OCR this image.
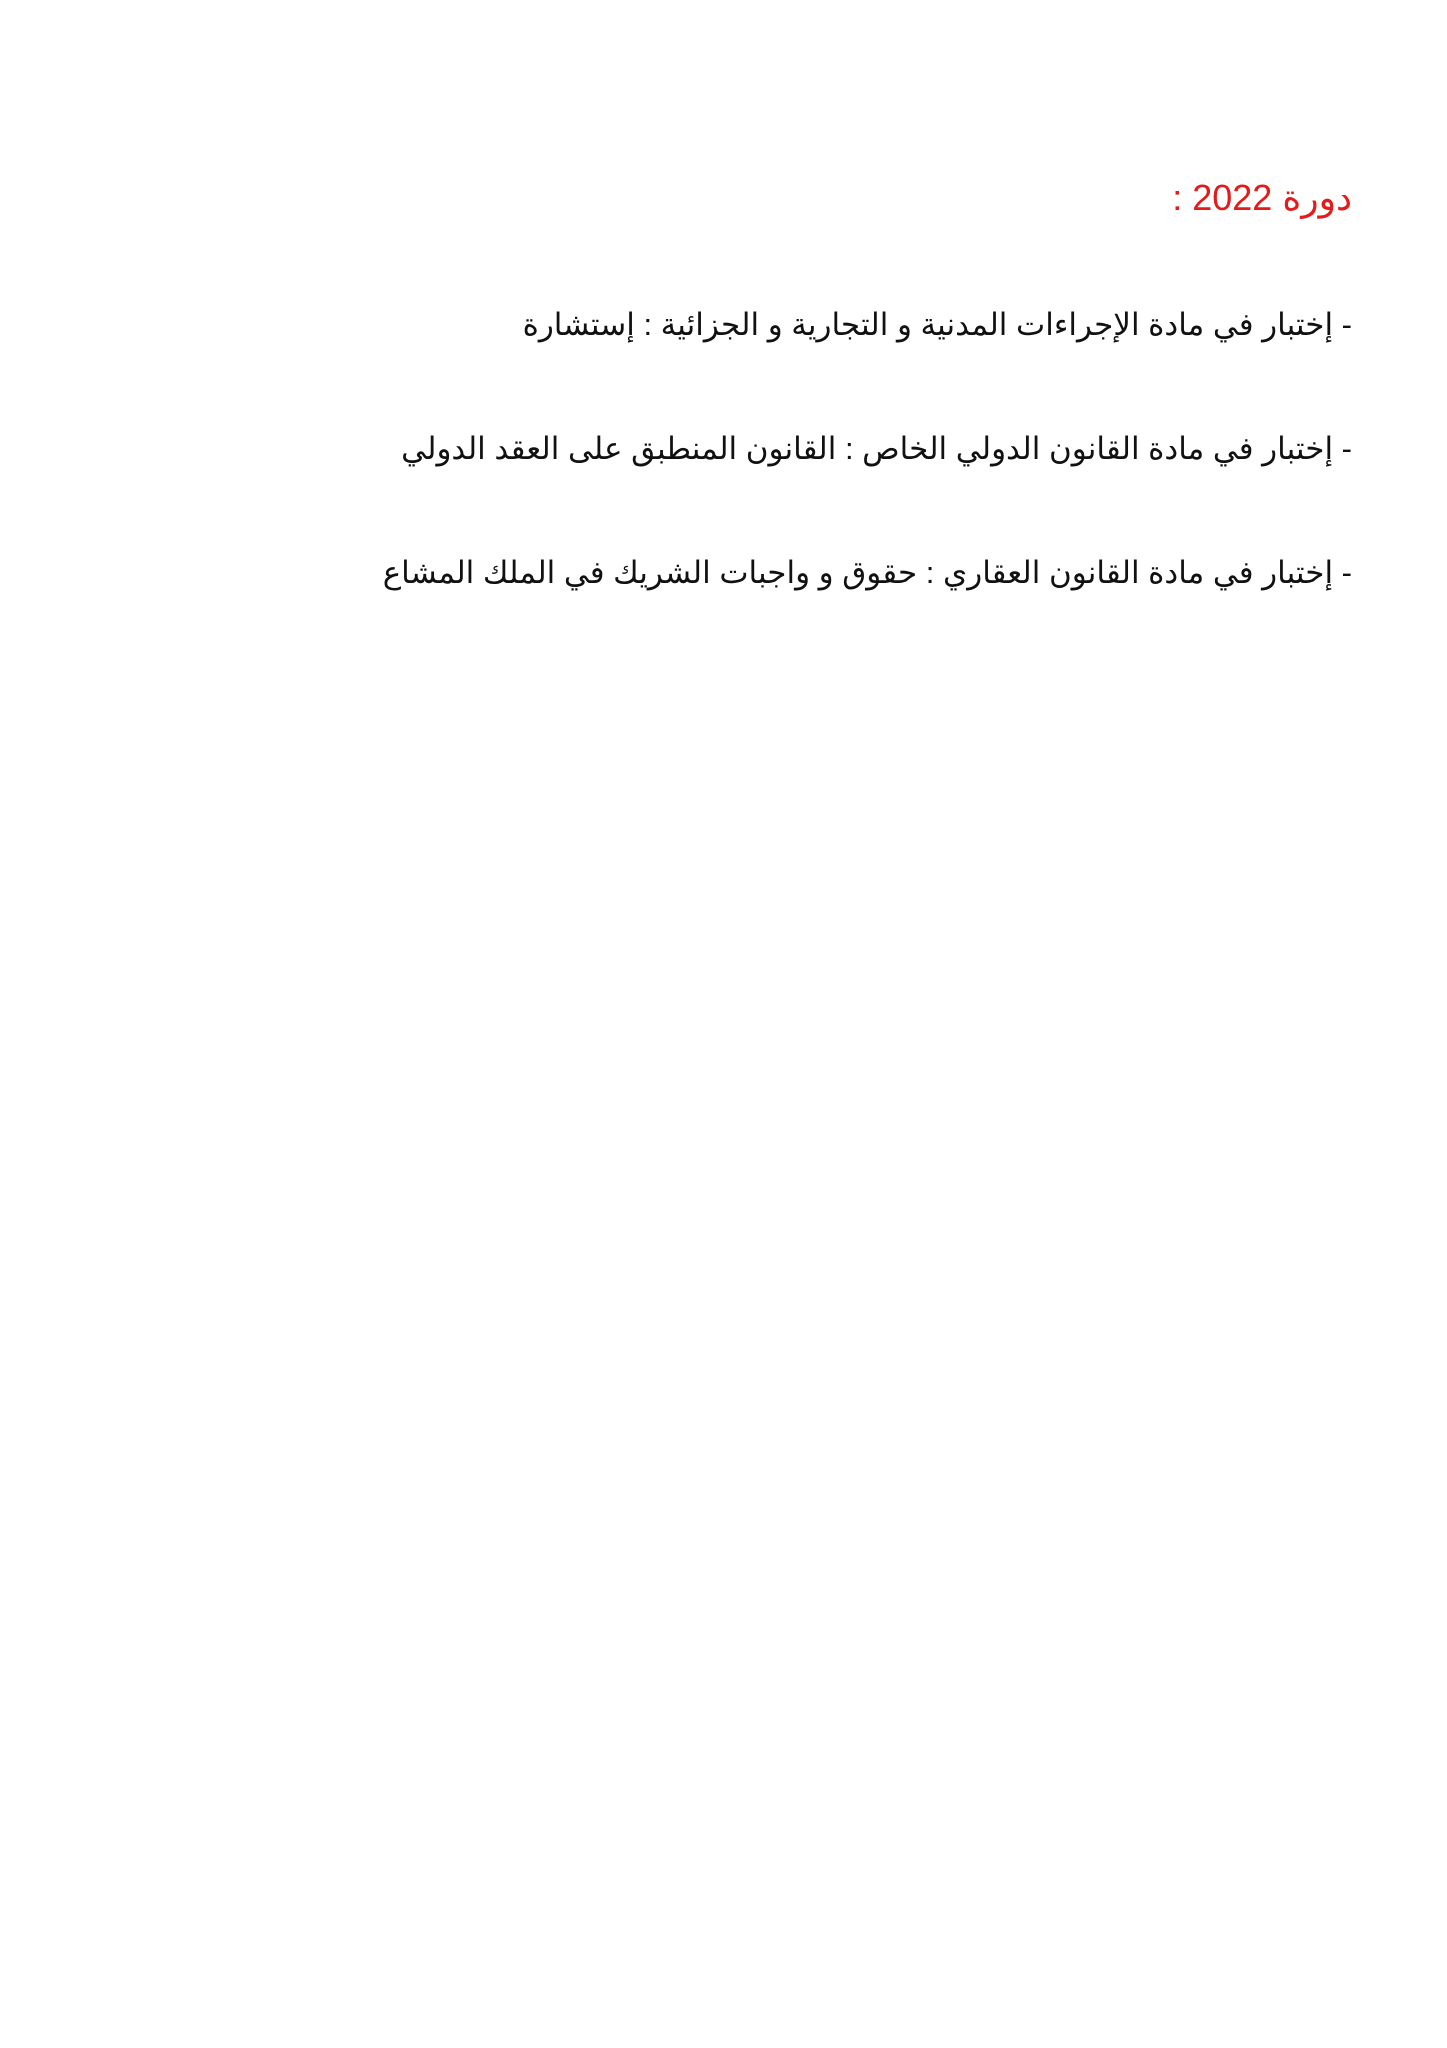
دورة 2022 :
- إختبار في مادة الإجراءات المدنية و التجارية و الجزائية : إستشارة
- إختبار في مادة القانون الدولي الخاص : القانون المنطبق على العقد الدولي
- إختبار في مادة القانون العقاري : حقوق و واجبات الشريك في الملك المشاع
